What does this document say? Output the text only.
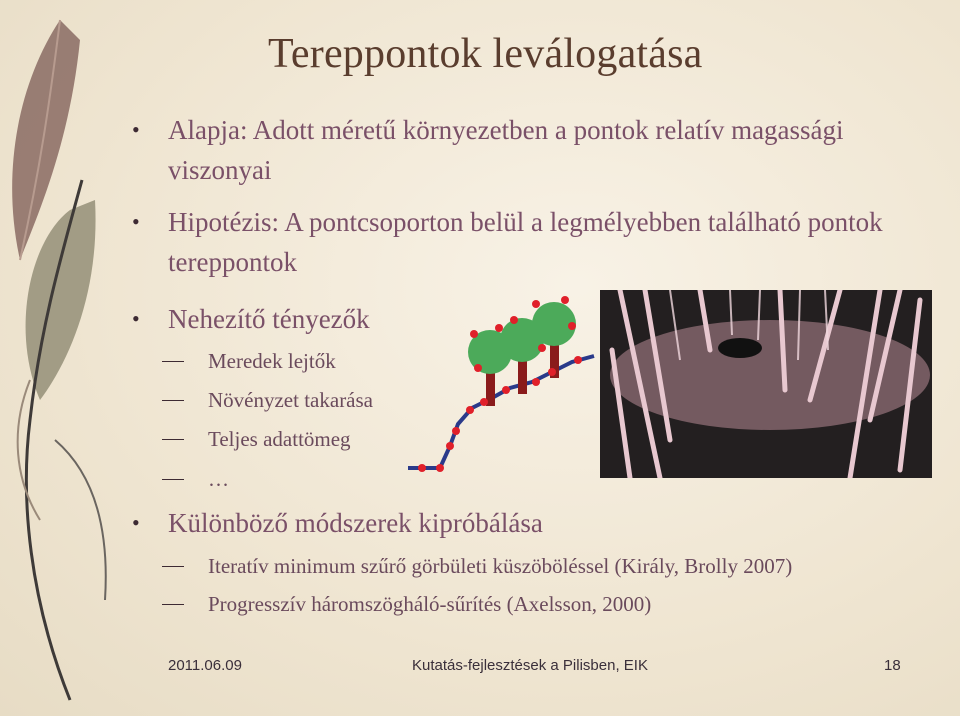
Tereppontok leválogatása
• Alapja: Adott méretű környezetben a pontok relatív magassági viszonyai
• Hipotézis: A pontcsoporton belül a legmélyebben található pontok tereppontok
• Nehezítő tényezők
Meredek lejtők
Növényzet takarása
Teljes adattömeg
…
• Különböző módszerek kipróbálása
Iteratív minimum szűrő görbületi küszöböléssel (Király, Brolly 2007)
Progresszív háromszögháló-sűrítés (Axelsson, 2000)
2011.06.09	Kutatás-fejlesztések a Pilisben, EIK	18
